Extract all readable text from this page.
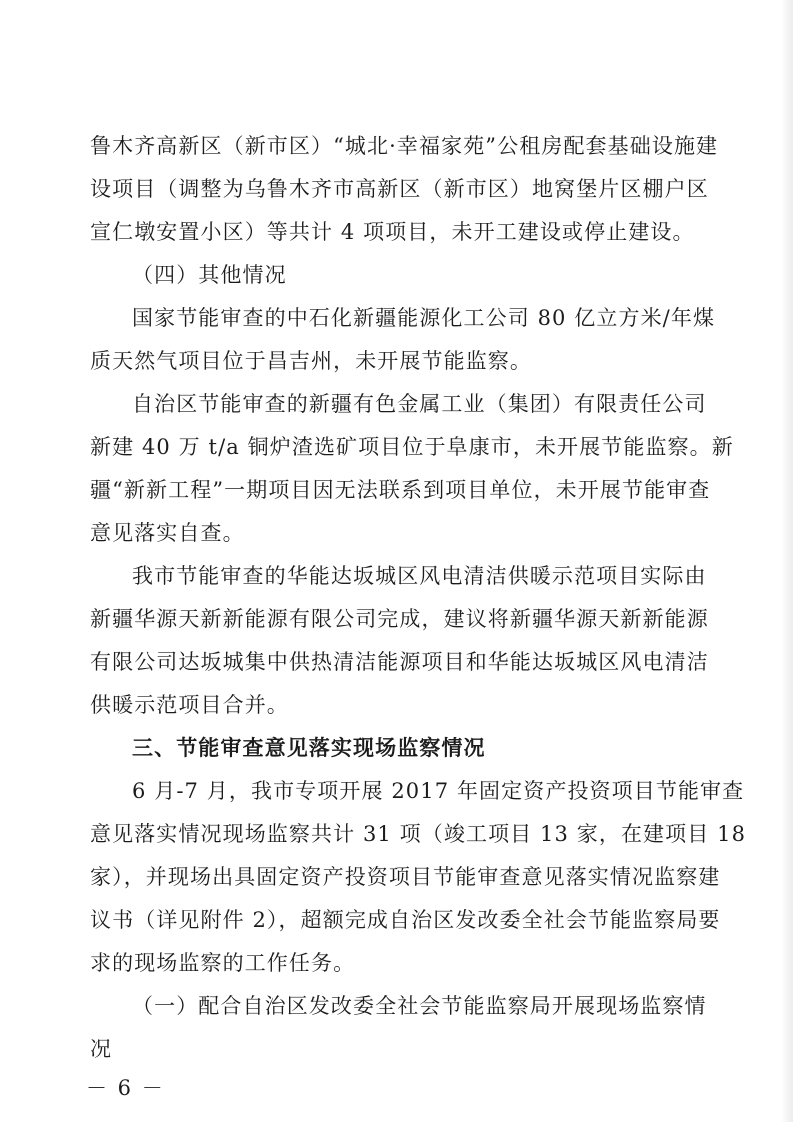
鲁木齐高新区（新市区）“城北·幸福家苑”公租房配套基础设施建
设项目（调整为乌鲁木齐市高新区（新市区）地窝堡片区棚户区
宣仁墩安置小区）等共计 4 项项目，未开工建设或停止建设。
（四）其他情况
国家节能审查的中石化新疆能源化工公司 80 亿立方米/年煤
质天然气项目位于昌吉州，未开展节能监察。
自治区节能审查的新疆有色金属工业（集团）有限责任公司
新建 40 万 t/a 铜炉渣选矿项目位于阜康市，未开展节能监察。新
疆“新新工程”一期项目因无法联系到项目单位，未开展节能审查
意见落实自查。
我市节能审查的华能达坂城区风电清洁供暖示范项目实际由
新疆华源天新新能源有限公司完成，建议将新疆华源天新新能源
有限公司达坂城集中供热清洁能源项目和华能达坂城区风电清洁
供暖示范项目合并。
三、节能审查意见落实现场监察情况
6 月-7 月，我市专项开展 2017 年固定资产投资项目节能审查
意见落实情况现场监察共计 31 项（竣工项目 13 家，在建项目 18
家），并现场出具固定资产投资项目节能审查意见落实情况监察建
议书（详见附件 2），超额完成自治区发改委全社会节能监察局要
求的现场监察的工作任务。
（一）配合自治区发改委全社会节能监察局开展现场监察情
况
－ 6 －
